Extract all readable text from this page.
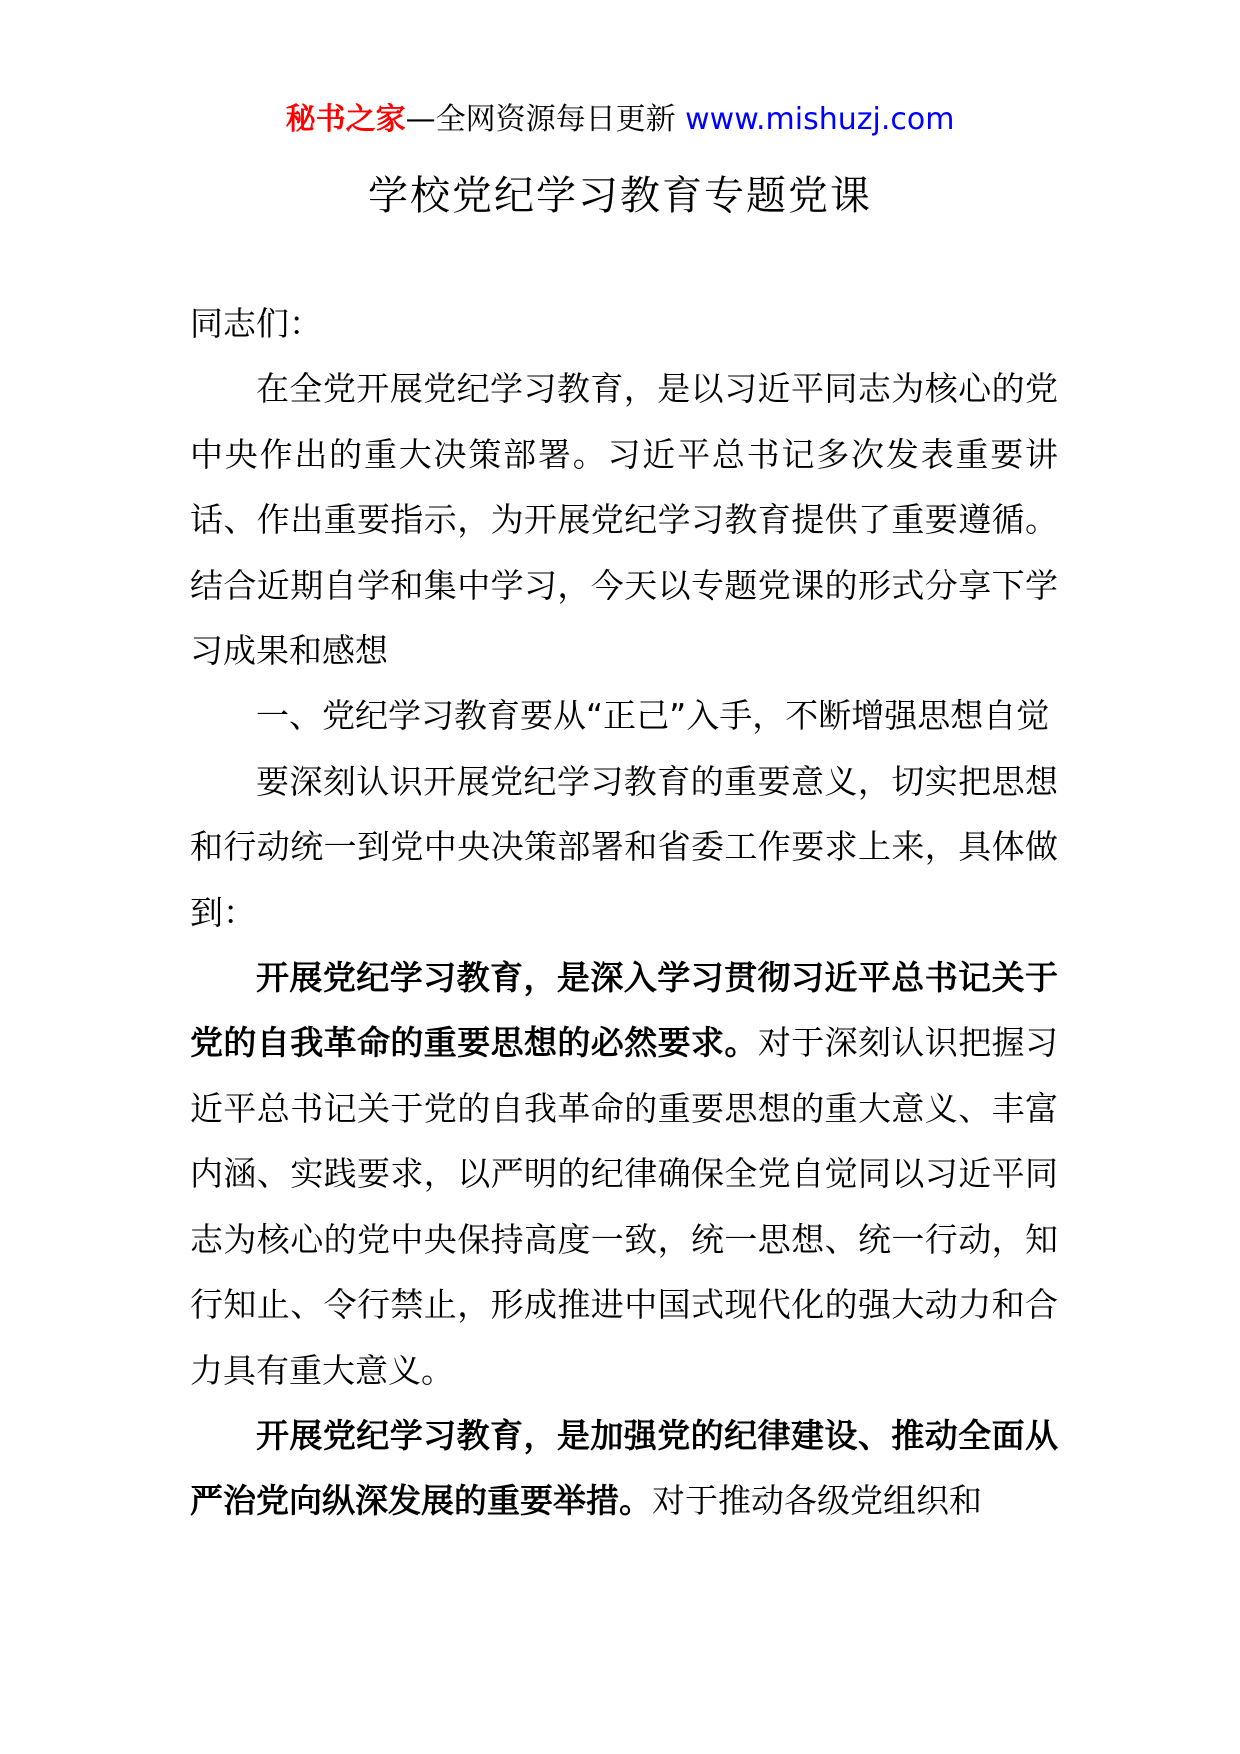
秘书之家—全网资源每日更新 www.mishuzj.com
学校党纪学习教育专题党课

同志们：

在全党开展党纪学习教育，是以习近平同志为核心的党中央作出的重大决策部署。习近平总书记多次发表重要讲话、作出重要指示，为开展党纪学习教育提供了重要遵循。结合近期自学和集中学习，今天以专题党课的形式分享下学习成果和感想

一、党纪学习教育要从“正己”入手，不断增强思想自觉

要深刻认识开展党纪学习教育的重要意义，切实把思想和行动统一到党中央决策部署和省委工作要求上来，具体做到：

开展党纪学习教育，是深入学习贯彻习近平总书记关于党的自我革命的重要思想的必然要求。对于深刻认识把握习近平总书记关于党的自我革命的重要思想的重大意义、丰富内涵、实践要求，以严明的纪律确保全党自觉同以习近平同志为核心的党中央保持高度一致，统一思想、统一行动，知行知止、令行禁止，形成推进中国式现代化的强大动力和合力具有重大意义。

开展党纪学习教育，是加强党的纪律建设、推动全面从严治党向纵深发展的重要举措。对于推动各级党组织和
